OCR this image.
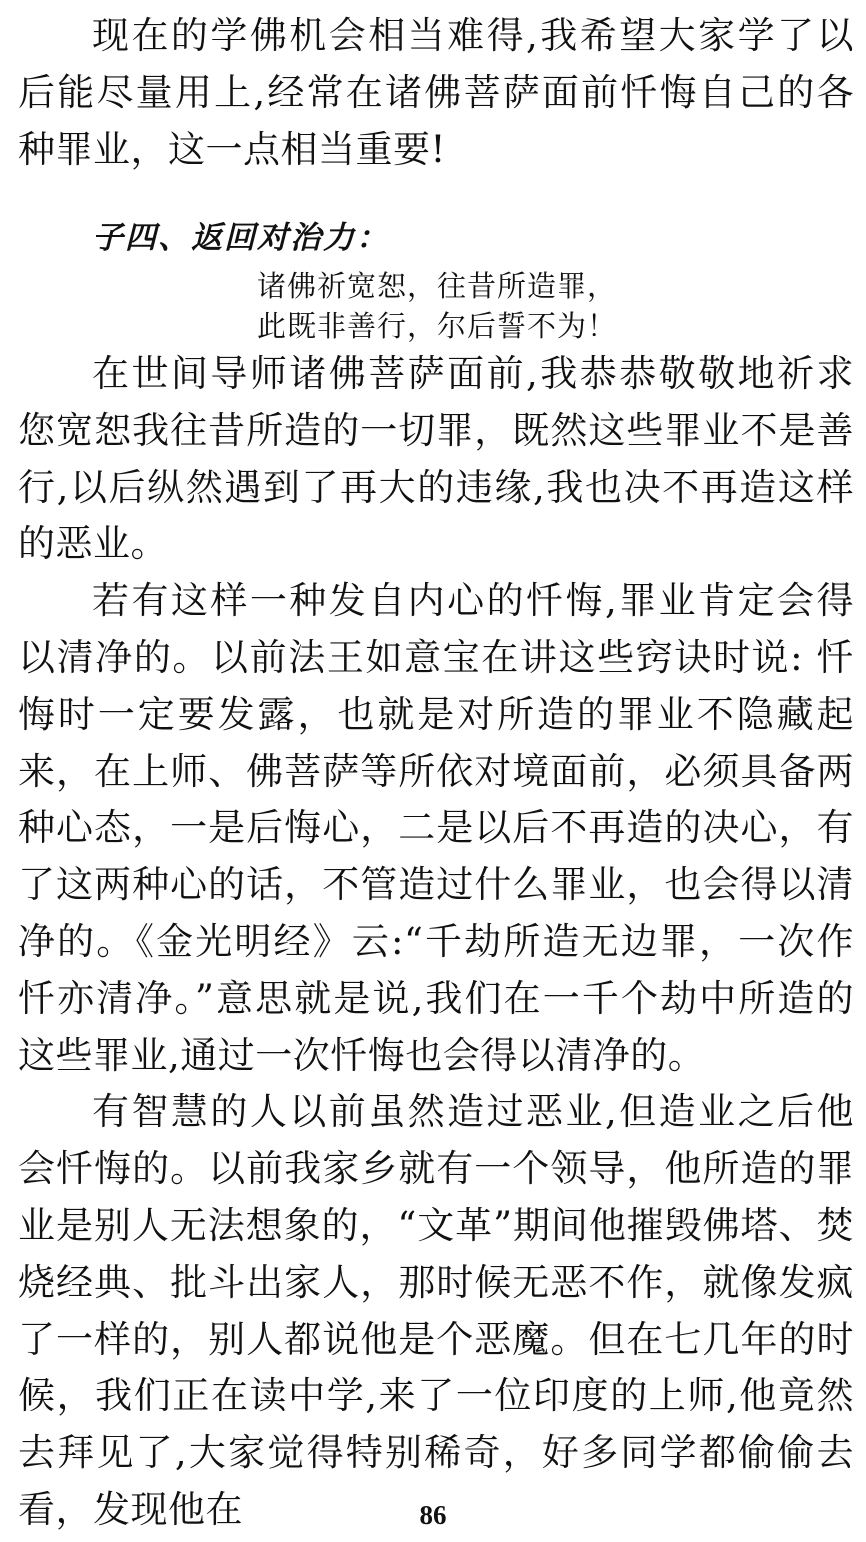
现在的学佛机会相当难得,我希望大家学了以后能尽量用上,经常在诸佛菩萨面前忏悔自己的各种罪业，这一点相当重要!

子四、返回对治力：
诸佛祈宽恕，往昔所造罪，
此既非善行，尔后誓不为！

在世间导师诸佛菩萨面前,我恭恭敬敬地祈求您宽恕我往昔所造的一切罪，既然这些罪业不是善行,以后纵然遇到了再大的违缘,我也决不再造这样的恶业。

若有这样一种发自内心的忏悔,罪业肯定会得以清净的。以前法王如意宝在讲这些窍诀时说: 忏悔时一定要发露，也就是对所造的罪业不隐藏起来，在上师、佛菩萨等所依对境面前，必须具备两种心态，一是后悔心，二是以后不再造的决心，有了这两种心的话，不管造过什么罪业，也会得以清净的。《金光明经》云:“千劫所造无边罪，一次作忏亦清净。”意思就是说,我们在一千个劫中所造的这些罪业,通过一次忏悔也会得以清净的。

有智慧的人以前虽然造过恶业,但造业之后他会忏悔的。以前我家乡就有一个领导，他所造的罪业是别人无法想象的，“文革”期间他摧毁佛塔、焚烧经典、批斗出家人，那时候无恶不作，就像发疯了一样的，别人都说他是个恶魔。但在七几年的时候，我们正在读中学,来了一位印度的上师,他竟然去拜见了,大家觉得特别稀奇，好多同学都偷偷去看，发现他在	86
